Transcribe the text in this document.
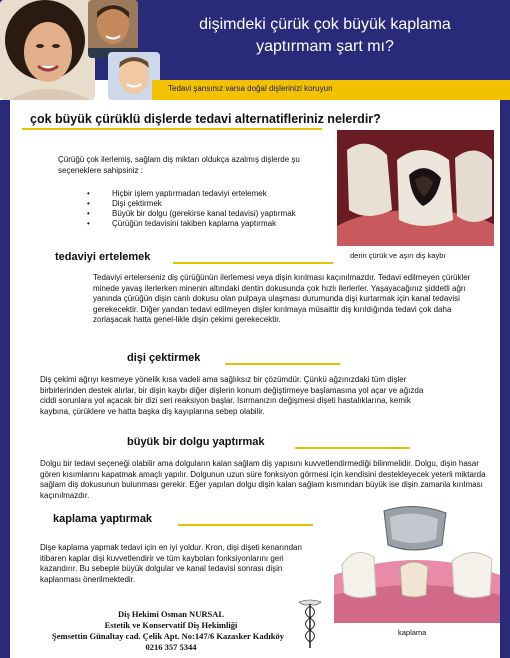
dişimdeki çürük çok büyük kaplama
yaptırmam şart mı?
Tedavi şansınız varsa doğal dişlerinizi koruyun
çok büyük çürüklü dişlerde tedavi alternatifleriniz nelerdir?
Çürüğü çok ilerlemiş, sağlam diş miktarı oldukça azalmış dişlerde şu seçeneklere sahipsiniz :
• Hiçbir işlem yaptırmadan tedaviyi ertelemek
• Dişi çektirmek
• Büyük bir dolgu (gerekirse kanal tedavisi) yaptırmak
• Çürüğün tedavisini takiben kaplama yaptırmak
derin çürük ve aşırı diş kaybı
tedaviyi ertelemek
Tedaviyi ertelerseniz diş çürüğünün ilerlemesi veya dişin kırılması kaçınılmazdır. Tedavi edilmeyen çürükler minede yavaş ilerlerken minenin altındaki dentin dokusunda çok hızlı ilerlerler. Yaşayacağınız şiddetli ağrı yanında çürüğün dişin canlı dokusu olan pulpaya ulaşması durumunda dişi kurtarmak için kanal tedavisi gerekecektir. Diğer yandan tedavi edilmeyen dişler kırılmaya müsaittir diş kırıldığında tedavi çok daha zorlaşacak hatta genel-likle dişin çekimi gerekecektir.
dişi çektirmek
Diş çekimi ağrıyı kesmeye yönelik kısa vadeli ama sağlıksız bir çözümdür. Çünkü ağzınızdaki tüm dişler birbirlerinden destek alırlar, bir dişin kaybı diğer dişlerin konum değiştirmeye başlamasına yol açar ve ağızda ciddi sorunlara yol açacak bir dizi seri reaksiyon başlar. Isırmanızın değişmesi dişeti hastalıklarına, kemik kaybına, çürüklere ve hatta başka diş kayıplarına sebep olabilir.
büyük bir dolgu yaptırmak
Dolgu bir tedavi seçeneği olabilir ama dolguların kalan sağlam diş yapısını kuvvetlendirmediği bilinmelidir. Dolgu, dişin hasar gören kısımlarını kapatmak amaçlı yapılır. Dolgunun uzun süre fonksiyon görmesi için kendisini destekleyecek yeterli miktarda sağlam diş dokusunun bulunması gerekir. Eğer yapılan dolgu dişin kalan sağlam kısmından büyük ise dişin zamanla kırılması kaçınılmazdır.
kaplama yaptırmak
Dişe kaplama yapmak tedavi için en iyi yoldur. Kron, dişi dişeti kenarından itibaren kaplar dişi kuvvetlendirir ve tüm kaybolan fonksiyonlarını geri kazandırır. Bu sebeple büyük dolgular ve kanal tedavisi sonrası dişin kaplanması önerilmektedir.
kaplama
Diş Hekimi Osman NURSAL
Estetik ve Konservatif Diş Hekimliği
Şemsettin Günaltay cad. Çelik Apt. No:147/6 Kazasker Kadıköy
0216 357 5344
